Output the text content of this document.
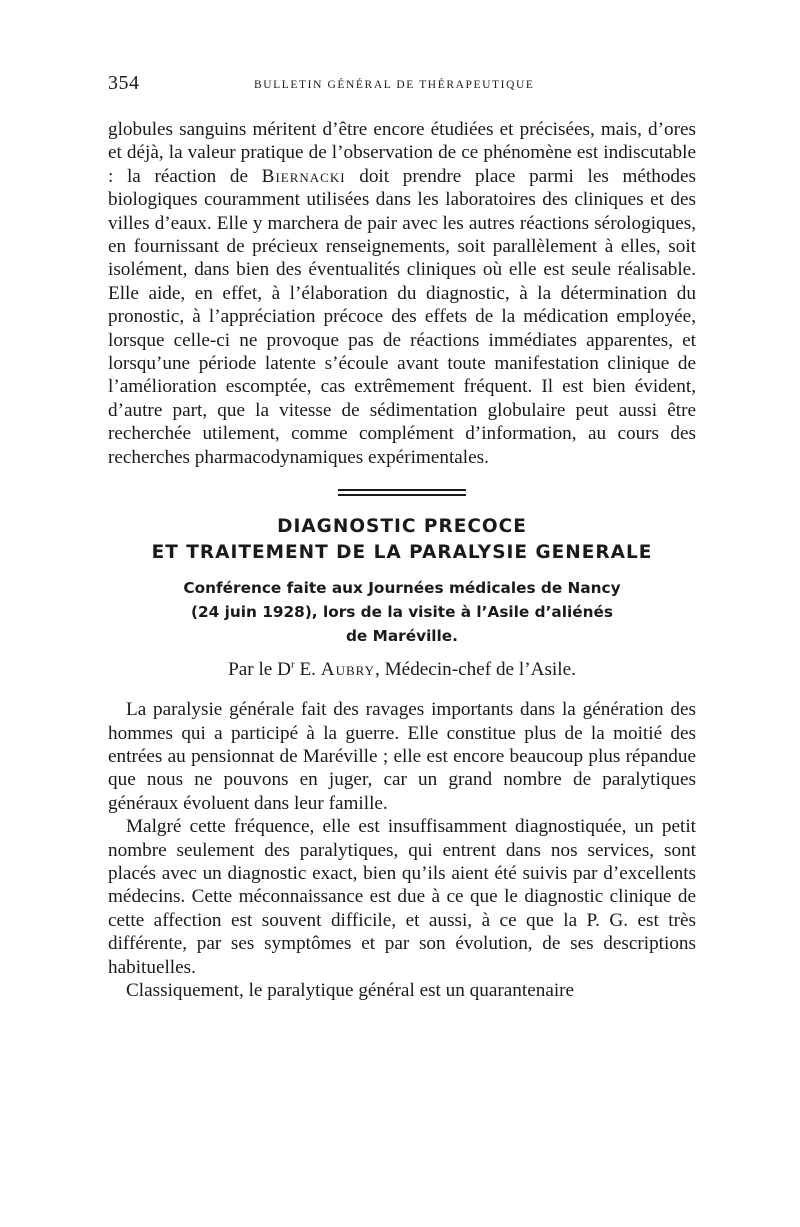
354	BULLETIN GÉNÉRAL DE THÉRAPEUTIQUE

globules sanguins méritent d’être encore étudiées et précisées, mais, d’ores et déjà, la valeur pratique de l’observation de ce phénomène est indiscutable : la réaction de Biernacki doit prendre place parmi les méthodes biologiques couramment utilisées dans les laboratoires des cliniques et des villes d’eaux. Elle y marchera de pair avec les autres réactions sérologiques, en fournissant de précieux renseignements, soit parallèlement à elles, soit isolément, dans bien des éventualités cliniques où elle est seule réalisable. Elle aide, en effet, à l’élaboration du diagnostic, à la détermination du pronostic, à l’appréciation précoce des effets de la médication employée, lorsque celle-ci ne provoque pas de réactions immédiates apparentes, et lorsqu’une période latente s’écoule avant toute manifestation clinique de l’amélioration escomptée, cas extrêmement fréquent. Il est bien évident, d’autre part, que la vitesse de sédimentation globulaire peut aussi être recherchée utilement, comme complément d’information, au cours des recherches pharmacodynamiques expérimentales.

DIAGNOSTIC PRECOCE
ET TRAITEMENT DE LA PARALYSIE GENERALE
Conférence faite aux Journées médicales de Nancy
(24 juin 1928), lors de la visite à l’Asile d’aliénés
de Maréville.
Par le $D^r$ E. Aubry, Médecin-chef de l’Asile.

La paralysie générale fait des ravages importants dans la génération des hommes qui a participé à la guerre. Elle constitue plus de la moitié des entrées au pensionnat de Maréville ; elle est encore beaucoup plus répandue que nous ne pouvons en juger, car un grand nombre de paralytiques généraux évoluent dans leur famille.

Malgré cette fréquence, elle est insuffisamment diagnostiquée, un petit nombre seulement des paralytiques, qui entrent dans nos services, sont placés avec un diagnostic exact, bien qu’ils aient été suivis par d’excellents médecins. Cette méconnaissance est due à ce que le diagnostic clinique de cette affection est souvent difficile, et aussi, à ce que la P. G. est très différente, par ses symptômes et par son évolution, de ses descriptions habituelles.

Classiquement, le paralytique général est un quarantenaire
